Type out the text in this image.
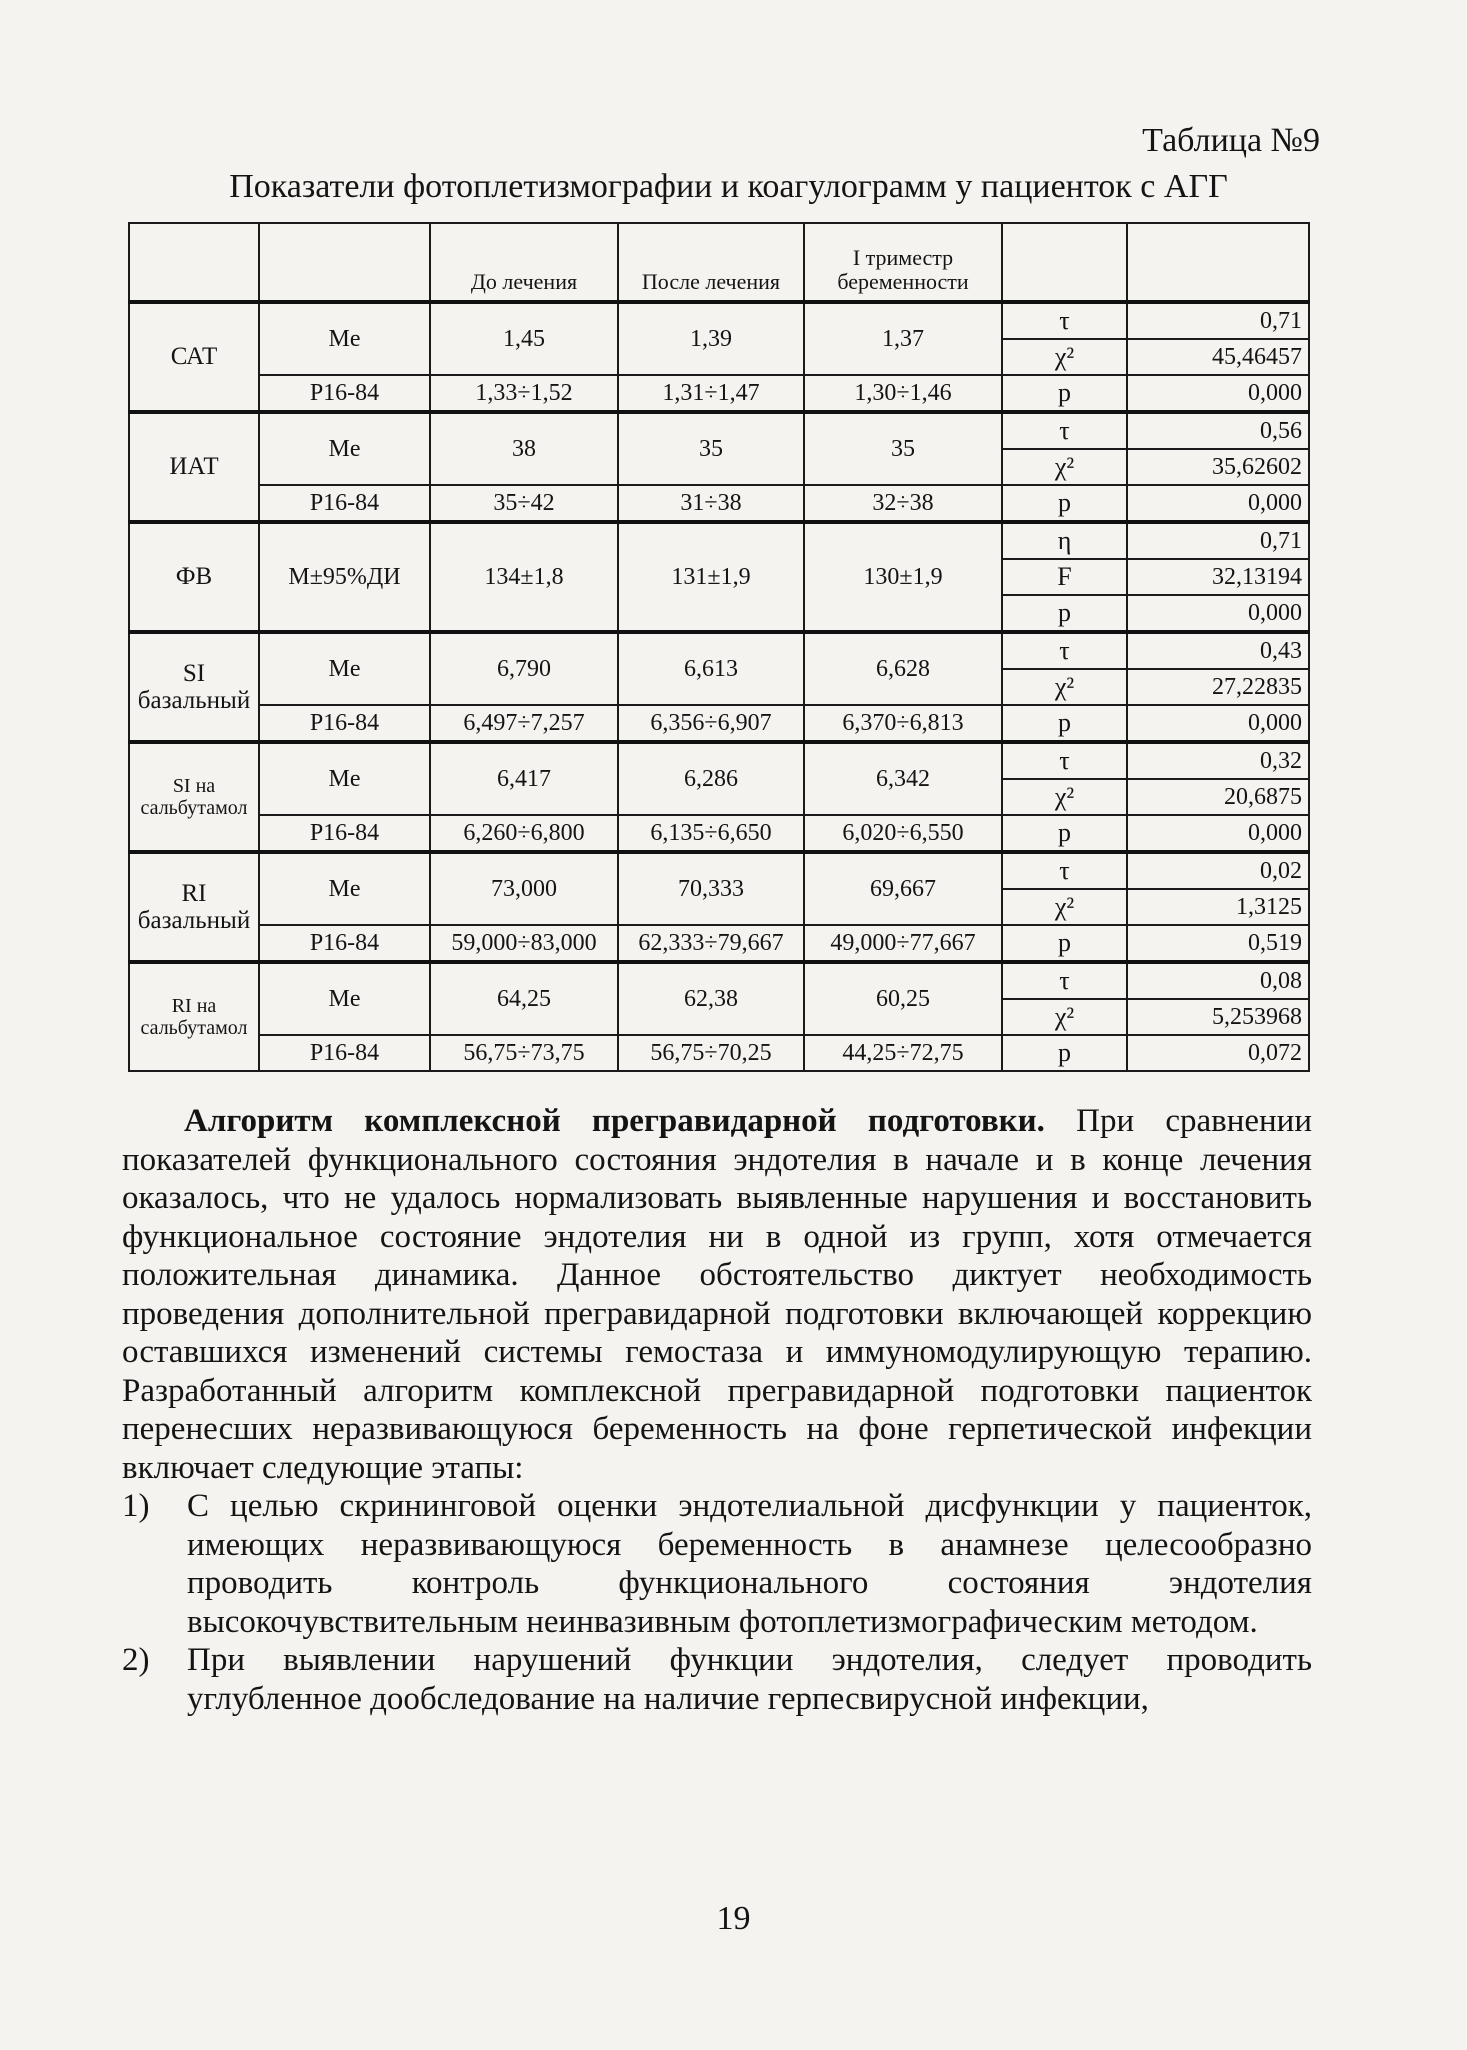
Таблица №9
Показатели фотоплетизмографии и коагулограмм у пациенток с АГГ
		До лечения	После лечения	I триместр беременности		
САТ	Me	1,45	1,39	1,37	τ	0,71
					χ²	45,46457
	P16-84	1,33÷1,52	1,31÷1,47	1,30÷1,46	p	0,000
ИАТ	Me	38	35	35	τ	0,56
					χ²	35,62602
	P16-84	35÷42	31÷38	32÷38	p	0,000
ФВ	M±95%ДИ	134±1,8	131±1,9	130±1,9	η	0,71
					F	32,13194
					p	0,000
SI базальный	Me	6,790	6,613	6,628	τ	0,43
					χ²	27,22835
	P16-84	6,497÷7,257	6,356÷6,907	6,370÷6,813	p	0,000
SI на сальбутамол	Me	6,417	6,286	6,342	τ	0,32
					χ²	20,6875
	P16-84	6,260÷6,800	6,135÷6,650	6,020÷6,550	p	0,000
RI базальный	Me	73,000	70,333	69,667	τ	0,02
					χ²	1,3125
	P16-84	59,000÷83,000	62,333÷79,667	49,000÷77,667	p	0,519
RI на сальбутамол	Me	64,25	62,38	60,25	τ	0,08
					χ²	5,253968
	P16-84	56,75÷73,75	56,75÷70,25	44,25÷72,75	p	0,072

Алгоритм комплексной прегравидарной подготовки. При сравнении показателей функционального состояния эндотелия в начале и в конце лечения оказалось, что не удалось нормализовать выявленные нарушения и восстановить функциональное состояние эндотелия ни в одной из групп, хотя отмечается положительная динамика. Данное обстоятельство диктует необходимость проведения дополнительной прегравидарной подготовки включающей коррекцию оставшихся изменений системы гемостаза и иммуномодулирующую терапию. Разработанный алгоритм комплексной прегравидарной подготовки пациенток перенесших неразвивающуюся беременность на фоне герпетической инфекции включает следующие этапы:

1) С целью скрининговой оценки эндотелиальной дисфункции у пациенток, имеющих неразвивающуюся беременность в анамнезе целесообразно проводить контроль функционального состояния эндотелия высокочувствительным неинвазивным фотоплетизмографическим методом.
2) При выявлении нарушений функции эндотелия, следует проводить углубленное дообследование на наличие герпесвирусной инфекции,
19
